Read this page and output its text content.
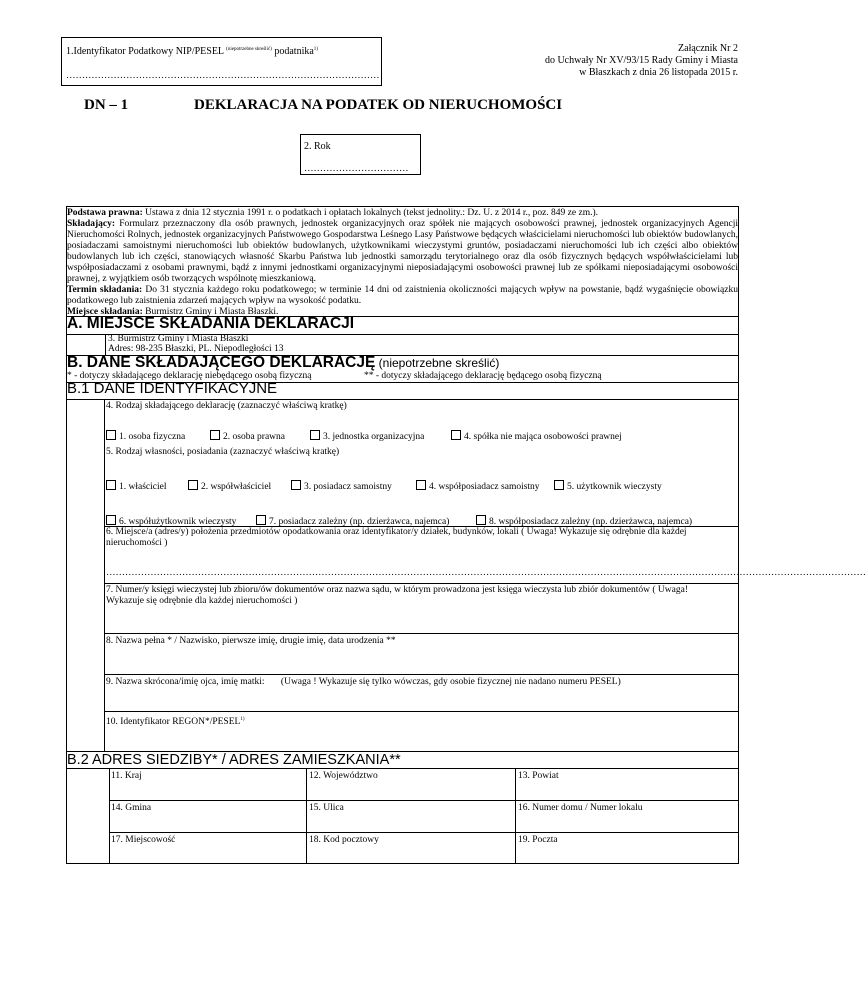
1.Identyfikator Podatkowy NIP/PESEL $^{(niepotrzebne skreślić)}$ podatnika$^{1)}$
………………………………………………………………………………………
Załącznik Nr 2
do Uchwały Nr XV/93/15 Rady Gminy i Miasta
w Błaszkach z dnia 26 listopada 2015 r.
DN – 1	DEKLARACJA NA PODATEK OD NIERUCHOMOŚCI
2. Rok
……………………………
Podstawa prawna: Ustawa z dnia 12 stycznia 1991 r. o podatkach i opłatach lokalnych (tekst jednolity.: Dz. U. z 2014 r., poz. 849 ze zm.).
Składający: Formularz przeznaczony dla osób prawnych, jednostek organizacyjnych oraz spółek nie mających osobowości prawnej, jednostek organizacyjnych Agencji Nieruchomości Rolnych, jednostek organizacyjnych Państwowego Gospodarstwa Leśnego Lasy Państwowe będących właścicielami nieruchomości lub obiektów budowlanych, posiadaczami samoistnymi nieruchomości lub obiektów budowlanych, użytkownikami wieczystymi gruntów, posiadaczami nieruchomości lub ich części albo obiektów budowlanych lub ich części, stanowiących własność Skarbu Państwa lub jednostki samorządu terytorialnego oraz dla osób fizycznych będących współwłaścicielami lub współposiadaczami z osobami prawnymi, bądź z innymi jednostkami organizacyjnymi nieposiadającymi osobowości prawnej lub ze spółkami nieposiadającymi osobowości prawnej, z wyjątkiem osób tworzących wspólnotę mieszkaniową.
Termin składania: Do 31 stycznia każdego roku podatkowego; w terminie 14 dni od zaistnienia okoliczności mających wpływ na powstanie, bądź wygaśnięcie obowiązku podatkowego lub zaistnienia zdarzeń mających wpływ na wysokość podatku.
Miejsce składania: Burmistrz Gminy i Miasta Błaszki.
A. MIEJSCE SKŁADANIA DEKLARACJI
3. Burmistrz Gminy i Miasta Błaszki
Adres: 98-235 Błaszki, PL. Niepodległości 13
B. DANE SKŁADAJĄCEGO DEKLARACJĘ (niepotrzebne skreślić)
* - dotyczy składającego deklarację niebędącego osobą fizyczną	** - dotyczy składającego deklarację będącego osobą fizyczną
B.1 DANE IDENTYFIKACYJNE
4. Rodzaj składającego deklarację (zaznaczyć właściwą kratkę)
1. osoba fizyczna	2. osoba prawna	3. jednostka organizacyjna	4. spółka nie mająca osobowości prawnej
5. Rodzaj własności, posiadania (zaznaczyć właściwą kratkę)
1. właściciel	2. współwłaściciel	3. posiadacz samoistny	4. współposiadacz samoistny	5. użytkownik wieczysty
6. współużytkownik wieczysty	7. posiadacz zależny (np. dzierżawca, najemca)	8. współposiadacz zależny (np. dzierżawca, najemca)
6. Miejsce/a (adres/y) położenia przedmiotów opodatkowania oraz identyfikator/y działek, budynków, lokali ( Uwaga! Wykazuje się odrębnie dla każdej nieruchomości )
……………………………………………………………………………………………………………………………………………………………………………………………………………………
7. Numer/y księgi wieczystej lub zbioru/ów dokumentów oraz nazwa sądu, w którym prowadzona jest księga wieczysta lub zbiór dokumentów ( Uwaga! Wykazuje się odrębnie dla każdej nieruchomości )
8. Nazwa pełna * / Nazwisko, pierwsze imię, drugie imię, data urodzenia **
9. Nazwa skrócona/imię ojca, imię matki: (Uwaga ! Wykazuje się tylko wówczas, gdy osobie fizycznej nie nadano numeru PESEL)
10. Identyfikator REGON*/PESEL$^{1)}$
B.2 ADRES SIEDZIBY* / ADRES ZAMIESZKANIA**
11. Kraj	12. Województwo	13. Powiat
14. Gmina	15. Ulica	16. Numer domu / Numer lokalu
17. Miejscowość	18. Kod pocztowy	19. Poczta
